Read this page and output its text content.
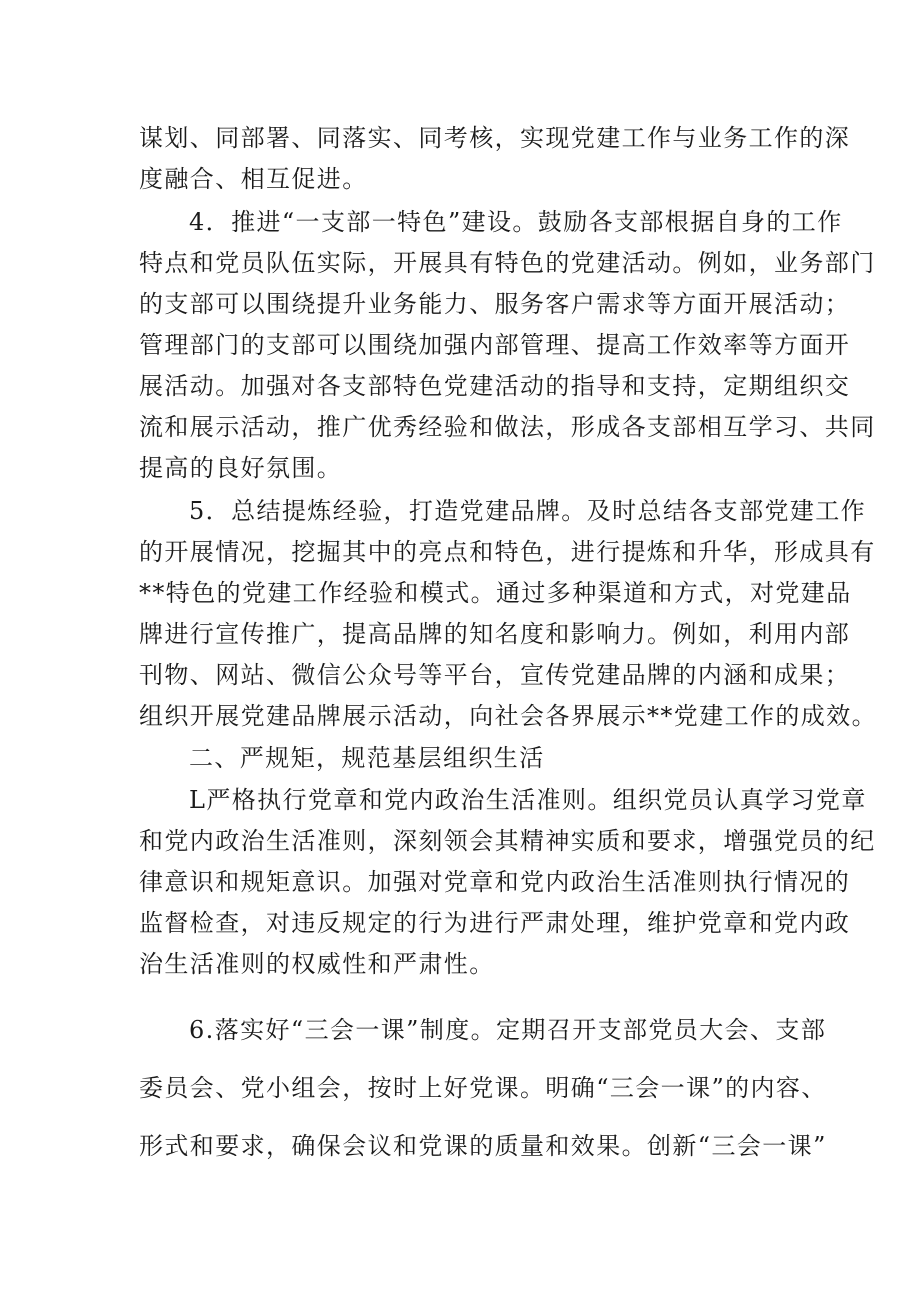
谋划、同部署、同落实、同考核，实现党建工作与业务工作的深

度融合、相互促进。

4．推进“一支部一特色”建设。鼓励各支部根据自身的工作

特点和党员队伍实际，开展具有特色的党建活动。例如，业务部门

的支部可以围绕提升业务能力、服务客户需求等方面开展活动；

管理部门的支部可以围绕加强内部管理、提高工作效率等方面开

展活动。加强对各支部特色党建活动的指导和支持，定期组织交

流和展示活动，推广优秀经验和做法，形成各支部相互学习、共同

提高的良好氛围。

5．总结提炼经验，打造党建品牌。及时总结各支部党建工作

的开展情况，挖掘其中的亮点和特色，进行提炼和升华，形成具有

**特色的党建工作经验和模式。通过多种渠道和方式，对党建品

牌进行宣传推广，提高品牌的知名度和影响力。例如，利用内部

刊物、网站、微信公众号等平台，宣传党建品牌的内涵和成果；

组织开展党建品牌展示活动，向社会各界展示**党建工作的成效。

二、严规矩，规范基层组织生活

L严格执行党章和党内政治生活准则。组织党员认真学习党章

和党内政治生活准则，深刻领会其精神实质和要求，增强党员的纪

律意识和规矩意识。加强对党章和党内政治生活准则执行情况的

监督检查，对违反规定的行为进行严肃处理，维护党章和党内政

治生活准则的权威性和严肃性。

6.落实好“三会一课”制度。定期召开支部党员大会、支部

委员会、党小组会，按时上好党课。明确“三会一课”的内容、

形式和要求，确保会议和党课的质量和效果。创新“三会一课”
